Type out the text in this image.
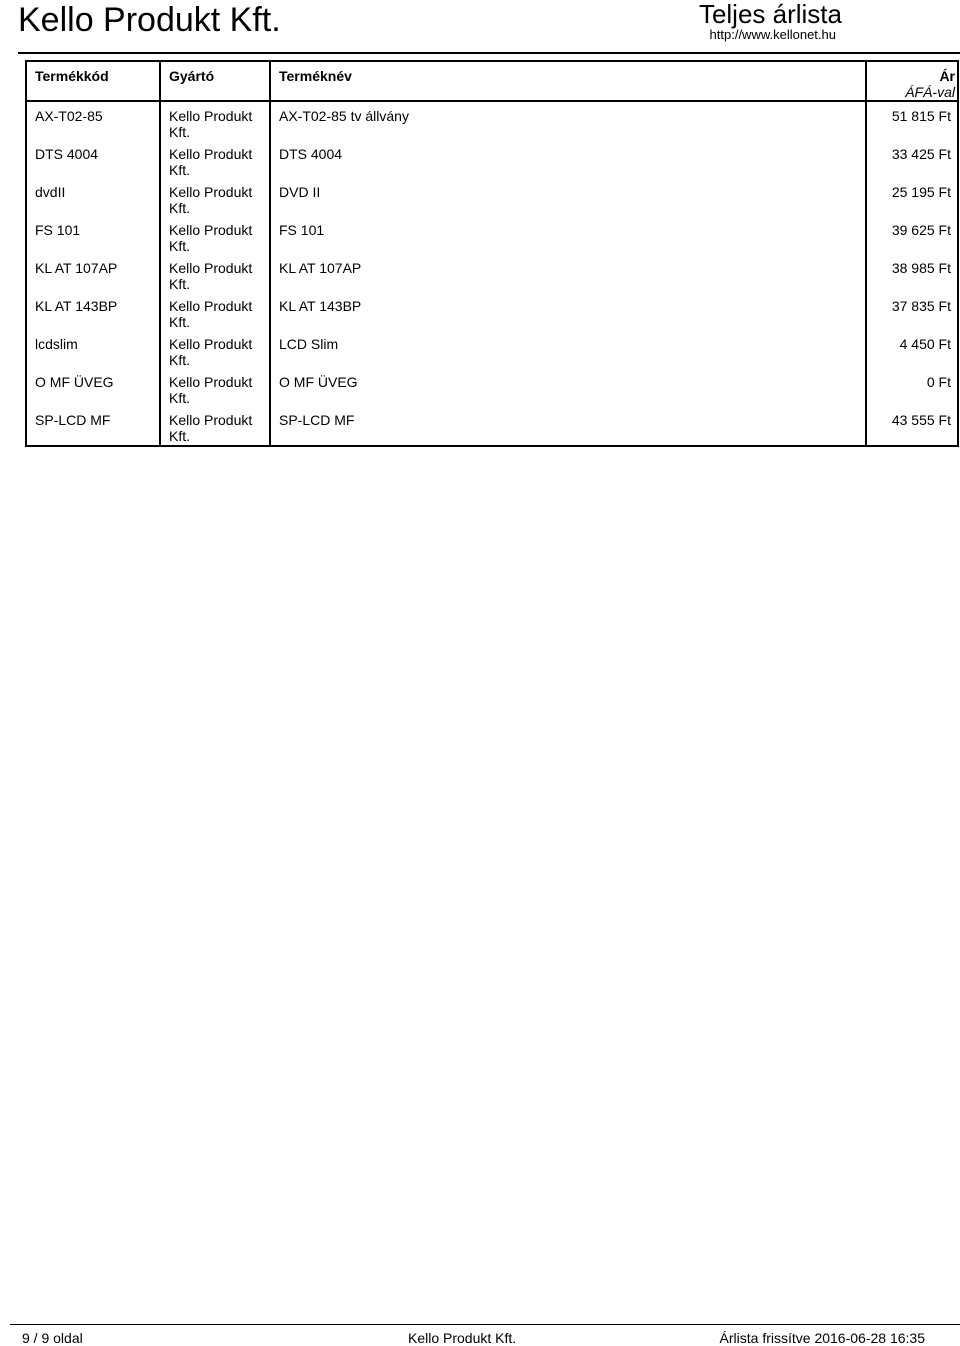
Kello Produkt Kft.	Teljes árlista
http://www.kellonet.hu
Termékkód	Gyártó	Terméknév	Ár
ÁFÁ-val

AX-T02-85	Kello Produkt Kft.	AX-T02-85 tv állvány	51 815 Ft
DTS 4004	Kello Produkt Kft.	DTS 4004	33 425 Ft
dvdII	Kello Produkt Kft.	DVD II	25 195 Ft
FS 101	Kello Produkt Kft.	FS 101	39 625 Ft
KL AT 107AP	Kello Produkt Kft.	KL AT 107AP	38 985 Ft
KL AT 143BP	Kello Produkt Kft.	KL AT 143BP	37 835 Ft
lcdslim	Kello Produkt Kft.	LCD Slim	4 450 Ft
O MF ÜVEG	Kello Produkt Kft.	O MF ÜVEG	0 Ft
SP-LCD MF	Kello Produkt Kft.	SP-LCD MF	43 555 Ft
9 / 9 oldal	Kello Produkt Kft.	Árlista frissítve 2016-06-28 16:35
